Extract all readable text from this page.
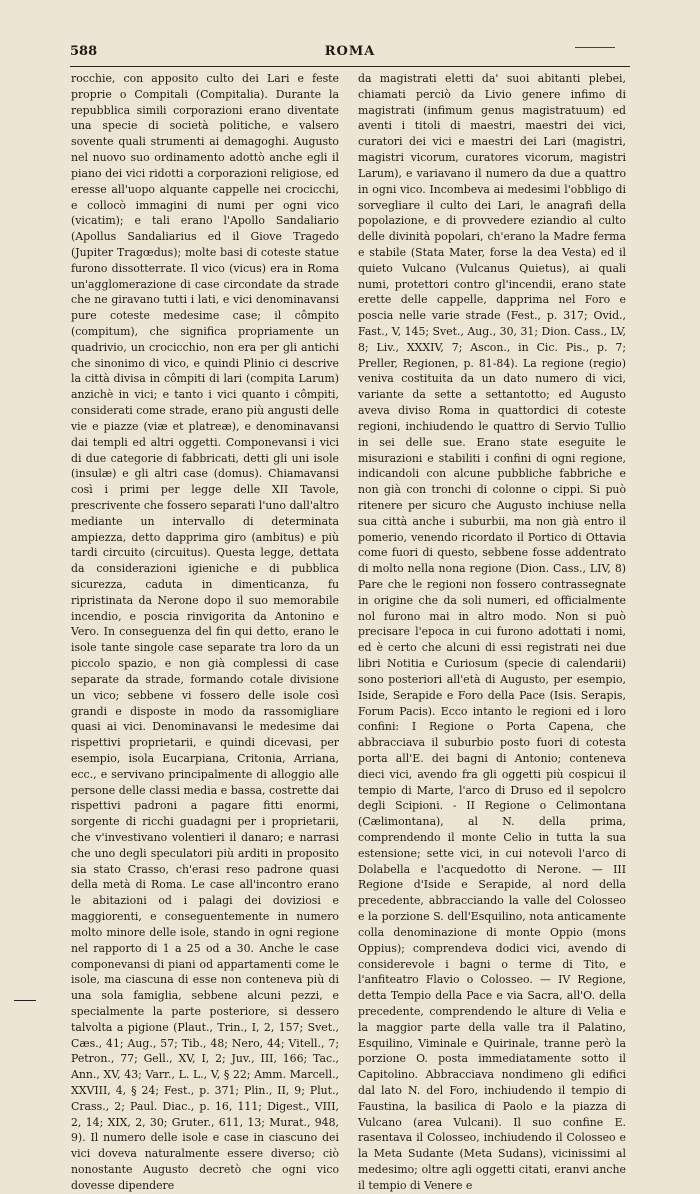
588	ROMA

rocchie, con apposito culto dei Lari e feste proprie o Compitali (Compitalia). Durante la repubblica simili corporazioni erano diventate una specie di società politiche, e valsero sovente quali strumenti ai demagoghi. Augusto nel nuovo suo ordinamento adottò anche egli il piano dei vici ridotti a corporazioni religiose, ed eresse all'uopo alquante cappelle nei crocicchi, e collocò immagini di numi per ogni vico (vicatim); e tali erano l'Apollo Sandaliario (Apollus Sandaliarius ed il Giove Tragedo (Jupiter Tragœdus); molte basi di coteste statue furono dissotterrate. Il vico (vicus) era in Roma un'agglomerazione di case circondate da strade che ne giravano tutti i lati, e vici denominavansi pure coteste medesime case; il cômpito (compitum), che significa propriamente un quadrivio, un crocicchio, non era per gli antichi che sinonimo di vico, e quindi Plinio ci descrive la città divisa in cômpiti di lari (compita Larum) anzichè in vici; e tanto i vici quanto i cômpiti, considerati come strade, erano più angusti delle vie e piazze (viæ et platreæ), e denominavansi dai templi ed altri oggetti. Componevansi i vici di due categorie di fabbricati, detti gli uni isole (insulæ) e gli altri case (domus). Chiamavansi così i primi per legge delle XII Tavole, prescrivente che fossero separati l'uno dall'altro mediante un intervallo di determinata ampiezza, detto dapprima giro (ambitus) e più tardi circuito (circuitus). Questa legge, dettata da considerazioni igieniche e di pubblica sicurezza, caduta in dimenticanza, fu ripristinata da Nerone dopo il suo memorabile incendio, e poscia rinvigorita da Antonino e Vero. In conseguenza del fin qui detto, erano le isole tante singole case separate tra loro da un piccolo spazio, e non già complessi di case separate da strade, formando cotale divisione un vico; sebbene vi fossero delle isole così grandi e disposte in modo da rassomigliare quasi ai vici. Denominavansi le medesime dai rispettivi proprietarii, e quindi dicevasi, per esempio, isola Eucarpiana, Critonia, Arriana, ecc., e servivano principalmente di alloggio alle persone delle classi media e bassa, costrette dai rispettivi padroni a pagare fitti enormi, sorgente di ricchi guadagni per i proprietarii, che v'investivano volentieri il danaro; e narrasi che uno degli speculatori più arditi in proposito sia stato Crasso, ch'erasi reso padrone quasi della metà di Roma. Le case all'incontro erano le abitazioni od i palagi dei doviziosi e maggiorenti, e conseguentemente in numero molto minore delle isole, stando in ogni regione nel rapporto di 1 a 25 od a 30. Anche le case componevansi di piani od appartamenti come le isole, ma ciascuna di esse non conteneva più di una sola famiglia, sebbene alcuni pezzi, e specialmente la parte posteriore, si dessero talvolta a pigione (Plaut., Trin., I, 2, 157; Svet., Cæs., 41; Aug., 57; Tib., 48; Nero, 44; Vitell., 7; Petron., 77; Gell., XV, I, 2; Juv., III, 166; Tac., Ann., XV, 43; Varr., L. L., V, § 22; Amm. Marcell., XXVIII, 4, § 24; Fest., p. 371; Plin., II, 9; Plut., Crass., 2; Paul. Diac., p. 16, 111; Digest., VIII, 2, 14; XIX, 2, 30; Gruter., 611, 13; Murat., 948, 9). Il numero delle isole e case in ciascuno dei vici doveva naturalmente essere diverso; ciò nonostante Augusto decretò che ogni vico dovesse dipendere

da magistrati eletti da' suoi abitanti plebei, chiamati perciò da Livio genere infimo di magistrati (infimum genus magistratuum) ed aventi i titoli di maestri, maestri dei vici, curatori dei vici e maestri dei Lari (magistri, magistri vicorum, curatores vicorum, magistri Larum), e variavano il numero da due a quattro in ogni vico. Incombeva ai medesimi l'obbligo di sorvegliare il culto dei Lari, le anagrafi della popolazione, e di provvedere eziandio al culto delle divinità popolari, ch'erano la Madre ferma e stabile (Stata Mater, forse la dea Vesta) ed il quieto Vulcano (Vulcanus Quietus), ai quali numi, protettori contro gl'incendii, erano state erette delle cappelle, dapprima nel Foro e poscia nelle varie strade (Fest., p. 317; Ovid., Fast., V, 145; Svet., Aug., 30, 31; Dion. Cass., LV, 8; Liv., XXXIV, 7; Ascon., in Cic. Pis., p. 7; Preller, Regionen, p. 81-84). La regione (regio) veniva costituita da un dato numero di vici, variante da sette a settantotto; ed Augusto aveva diviso Roma in quattordici di coteste regioni, inchiudendo le quattro di Servio Tullio in sei delle sue. Erano state eseguite le misurazioni e stabiliti i confini di ogni regione, indicandoli con alcune pubbliche fabbriche e non già con tronchi di colonne o cippi. Si può ritenere per sicuro che Augusto inchiuse nella sua città anche i suburbii, ma non già entro il pomerio, venendo ricordato il Portico di Ottavia come fuori di questo, sebbene fosse addentrato di molto nella nona regione (Dion. Cass., LIV, 8) Pare che le regioni non fossero contrassegnate in origine che da soli numeri, ed officialmente nol furono mai in altro modo. Non si può precisare l'epoca in cui furono adottati i nomi, ed è certo che alcuni di essi registrati nei due libri Notitia e Curiosum (specie di calendarii) sono posteriori all'età di Augusto, per esempio, Iside, Serapide e Foro della Pace (Isis. Serapis, Forum Pacis). Ecco intanto le regioni ed i loro confini: I Regione o Porta Capena, che abbracciava il suburbio posto fuori di cotesta porta all'E. dei bagni di Antonio; conteneva dieci vici, avendo fra gli oggetti più cospicui il tempio di Marte, l'arco di Druso ed il sepolcro degli Scipioni. - II Regione o Celimontana (Cælimontana), al N. della prima, comprendendo il monte Celio in tutta la sua estensione; sette vici, in cui notevoli l'arco di Dolabella e l'acquedotto di Nerone. — III Regione d'Iside e Serapide, al nord della precedente, abbracciando la valle del Colosseo e la porzione S. dell'Esquilino, nota anticamente colla denominazione di monte Oppio (mons Oppius); comprendeva dodici vici, avendo di considerevole i bagni o terme di Tito, e l'anfiteatro Flavio o Colosseo. — IV Regione, detta Tempio della Pace e via Sacra, all'O. della precedente, comprendendo le alture di Velia e la maggior parte della valle tra il Palatino, Esquilino, Viminale e Quirinale, tranne però la porzione O. posta immediatamente sotto il Capitolino. Abbracciava nondimeno gli edifici dal lato N. del Foro, inchiudendo il tempio di Faustina, la basilica di Paolo e la piazza di Vulcano (area Vulcani). Il suo confine E. rasentava il Colosseo, inchiudendo il Colosseo e la Meta Sudante (Meta Sudans), vicinissimi al medesimo; oltre agli oggetti citati, eranvi anche il tempio di Venere e
